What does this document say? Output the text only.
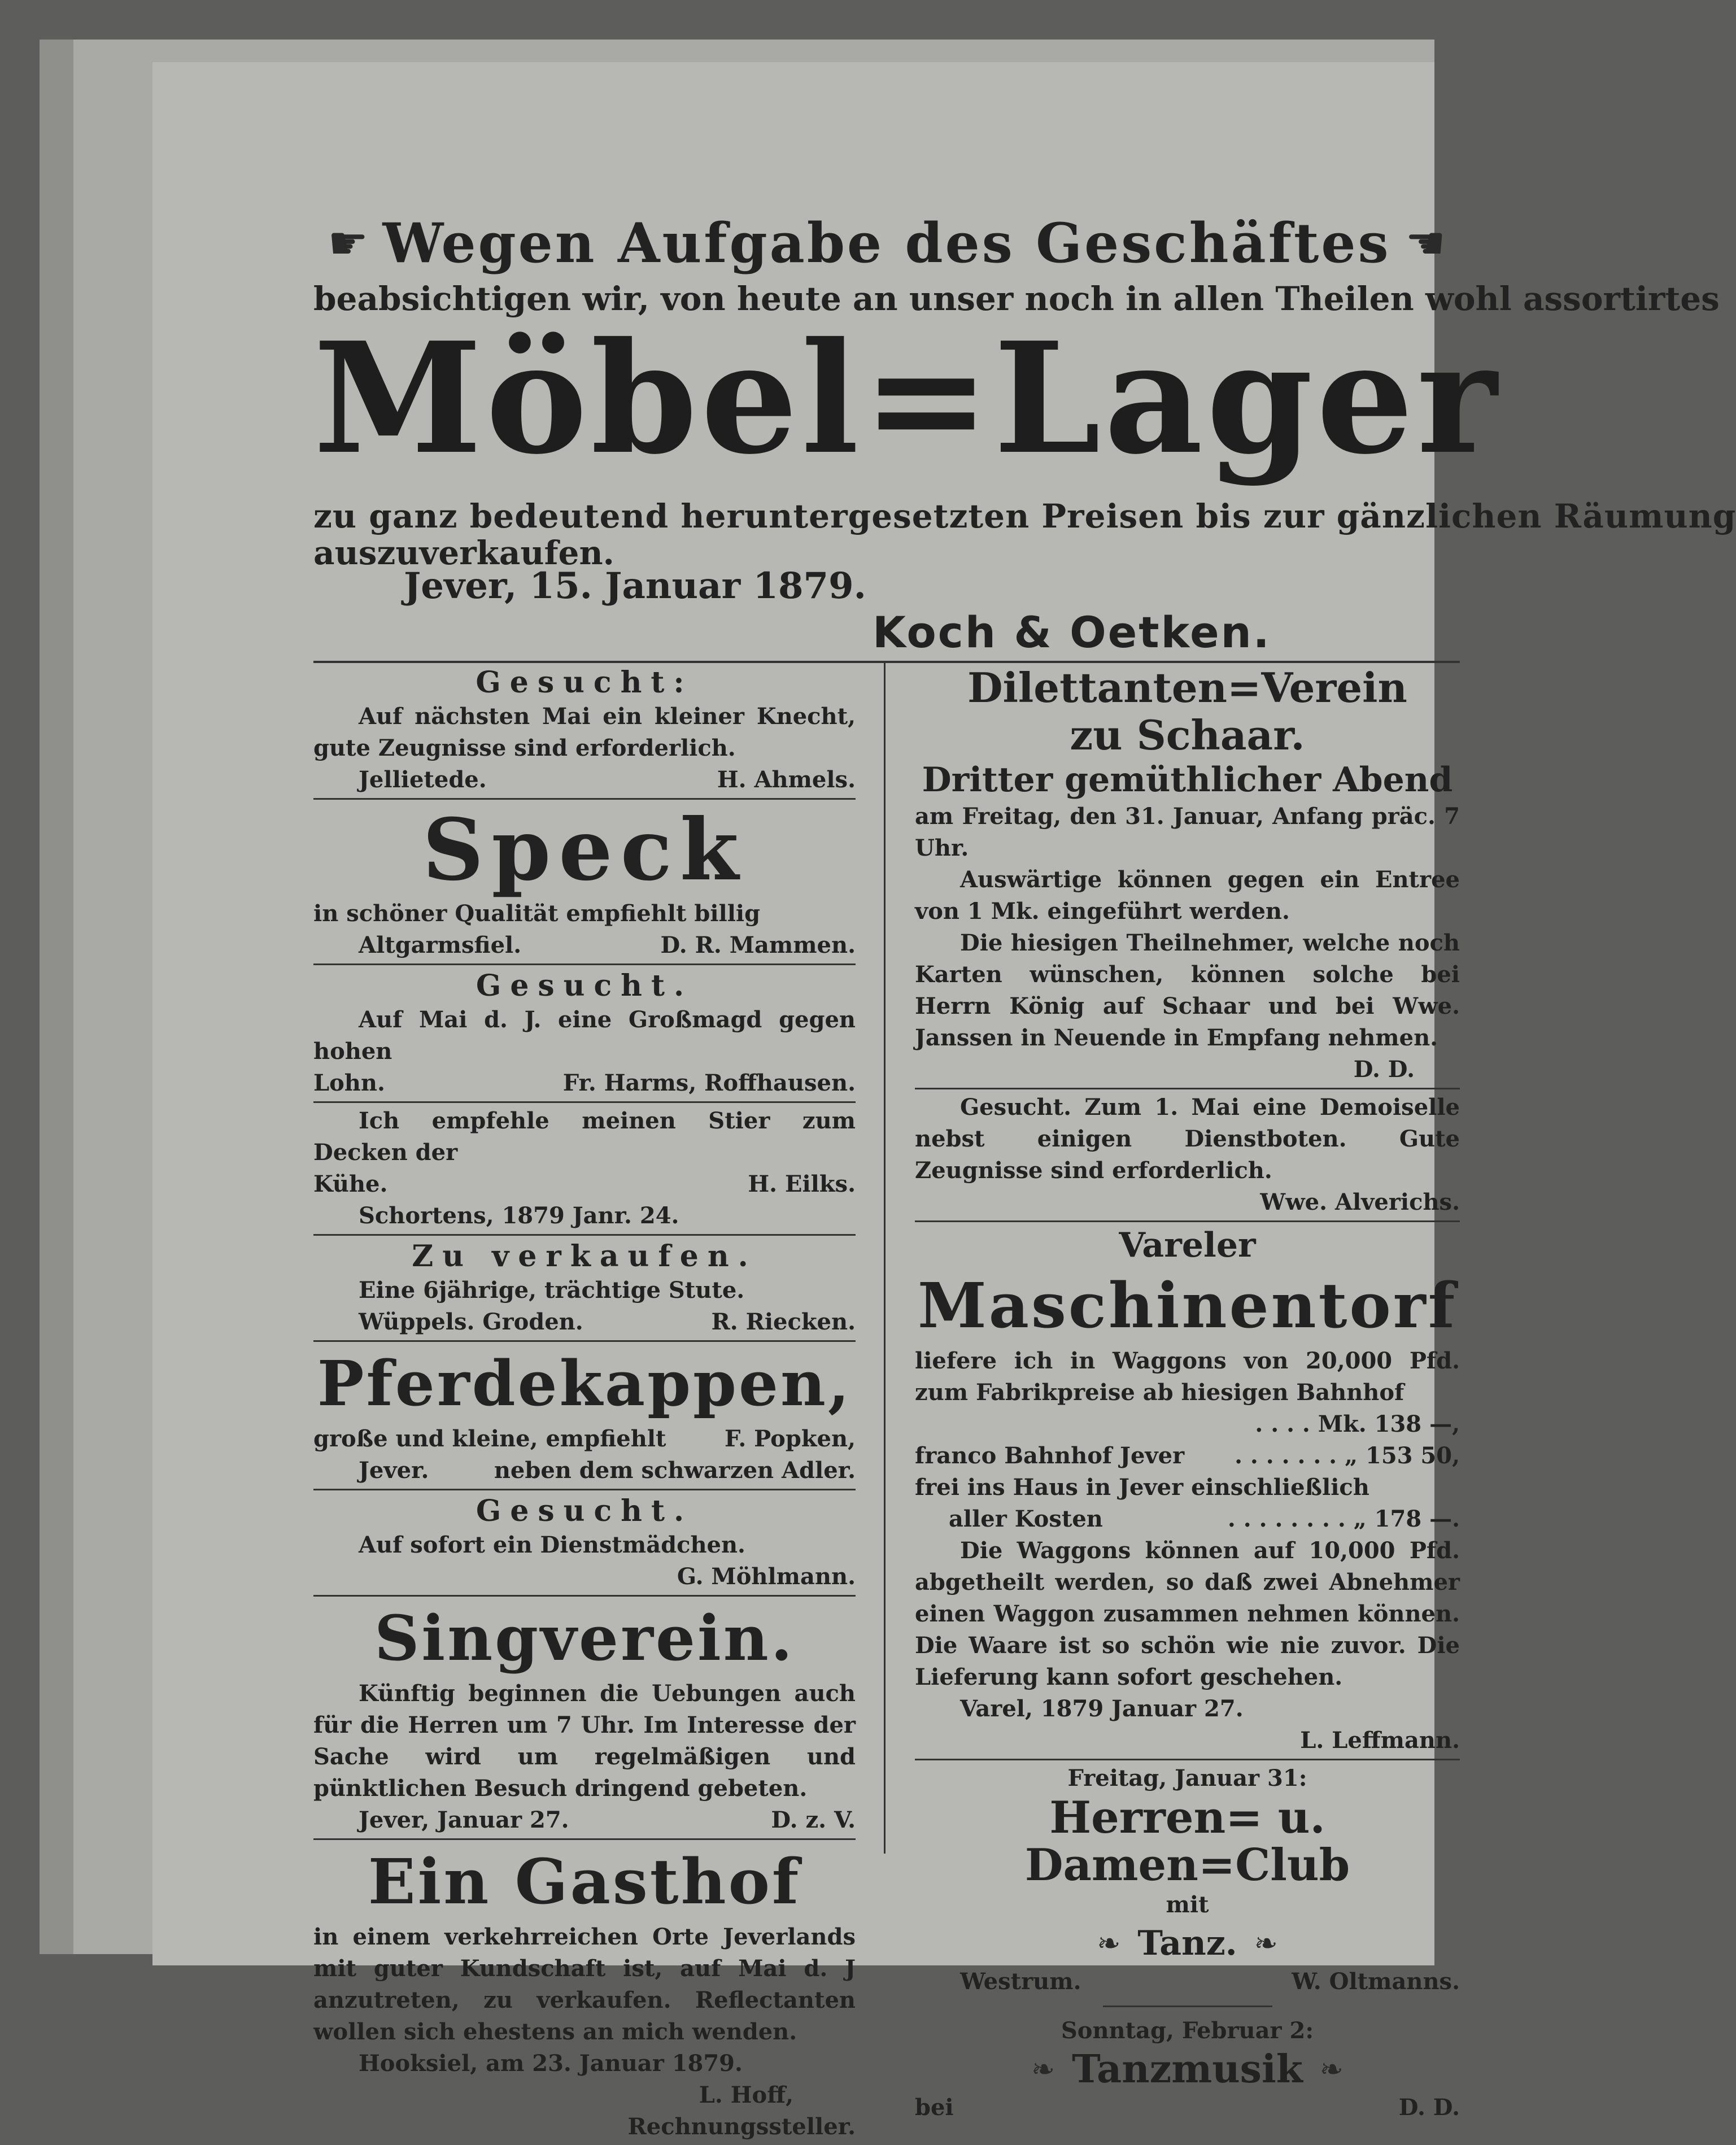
☛ Wegen Aufgabe des Geschäftes ☛
beabsichtigen wir, von heute an unser noch in allen Theilen wohl assortirtes
Möbel=Lager
zu ganz bedeutend heruntergesetzten Preisen bis zur gänzlichen Räumung
auszuverkaufen.
Jever, 15. Januar 1879.
Koch & Oetken.
Gesucht:
Auf nächsten Mai ein kleiner Knecht, gute Zeugnisse sind erforderlich.
Jellietede.	H. Ahmels.
Speck
in schöner Qualität empfiehlt billig
Altgarmsfiel.	D. R. Mammen.
Gesucht.
Auf Mai d. J. eine Großmagd gegen hohen
Lohn.	Fr. Harms, Roffhausen.
Ich empfehle meinen Stier zum Decken der
Kühe.	H. Eilks.
Schortens, 1879 Janr. 24.
Zu verkaufen.
Eine 6jährige, trächtige Stute.
Wüppels. Groden.	R. Riecken.
Pferdekappen,
große und kleine, empfiehlt	F. Popken,
Jever.	neben dem schwarzen Adler.
Gesucht.
Auf sofort ein Dienstmädchen.
G. Möhlmann.
Singverein.
Künftig beginnen die Uebungen auch für die Herren um 7 Uhr. Im Interesse der Sache wird um regelmäßigen und pünktlichen Besuch dringend gebeten.
Jever, Januar 27.	D. z. V.
Ein Gasthof
in einem verkehrreichen Orte Jeverlands mit guter Kundschaft ist, auf Mai d. J anzutreten, zu verkaufen. Reflectanten wollen sich ehestens an mich wenden.
Hooksiel, am 23. Januar 1879.
L. Hoff,
Rechnungssteller.
Dilettanten=Verein
zu Schaar.
Dritter gemüthlicher Abend
am Freitag, den 31. Januar, Anfang präc. 7 Uhr.
Auswärtige können gegen ein Entree von 1 Mk. eingeführt werden.
Die hiesigen Theilnehmer, welche noch Karten wünschen, können solche bei Herrn König auf Schaar und bei Wwe. Janssen in Neuende in Empfang nehmen.
D. D.
Gesucht. Zum 1. Mai eine Demoiselle nebst einigen Dienstboten. Gute Zeugnisse sind erforderlich.
Wwe. Alverichs.
Vareler
Maschinentorf
liefere ich in Waggons von 20,000 Pfd. zum Fabrikpreise ab hiesigen Bahnhof
. . . . Mk. 138 —,
franco Bahnhof Jever . . . . . . . „ 153 50,
frei ins Haus in Jever einschließlich
aller Kosten	. . . . . . . . „ 178 —.
Die Waggons können auf 10,000 Pfd. abgetheilt werden, so daß zwei Abnehmer einen Waggon zusammen nehmen können. Die Waare ist so schön wie nie zuvor. Die Lieferung kann sofort geschehen.
Varel, 1879 Januar 27.
L. Leffmann.
Freitag, Januar 31:
Herren= u. Damen=Club
mit
❧ Tanz. ❧
Westrum.	W. Oltmanns.
Sonntag, Februar 2:
❧ Tanzmusik ❧
bei	D. D.
